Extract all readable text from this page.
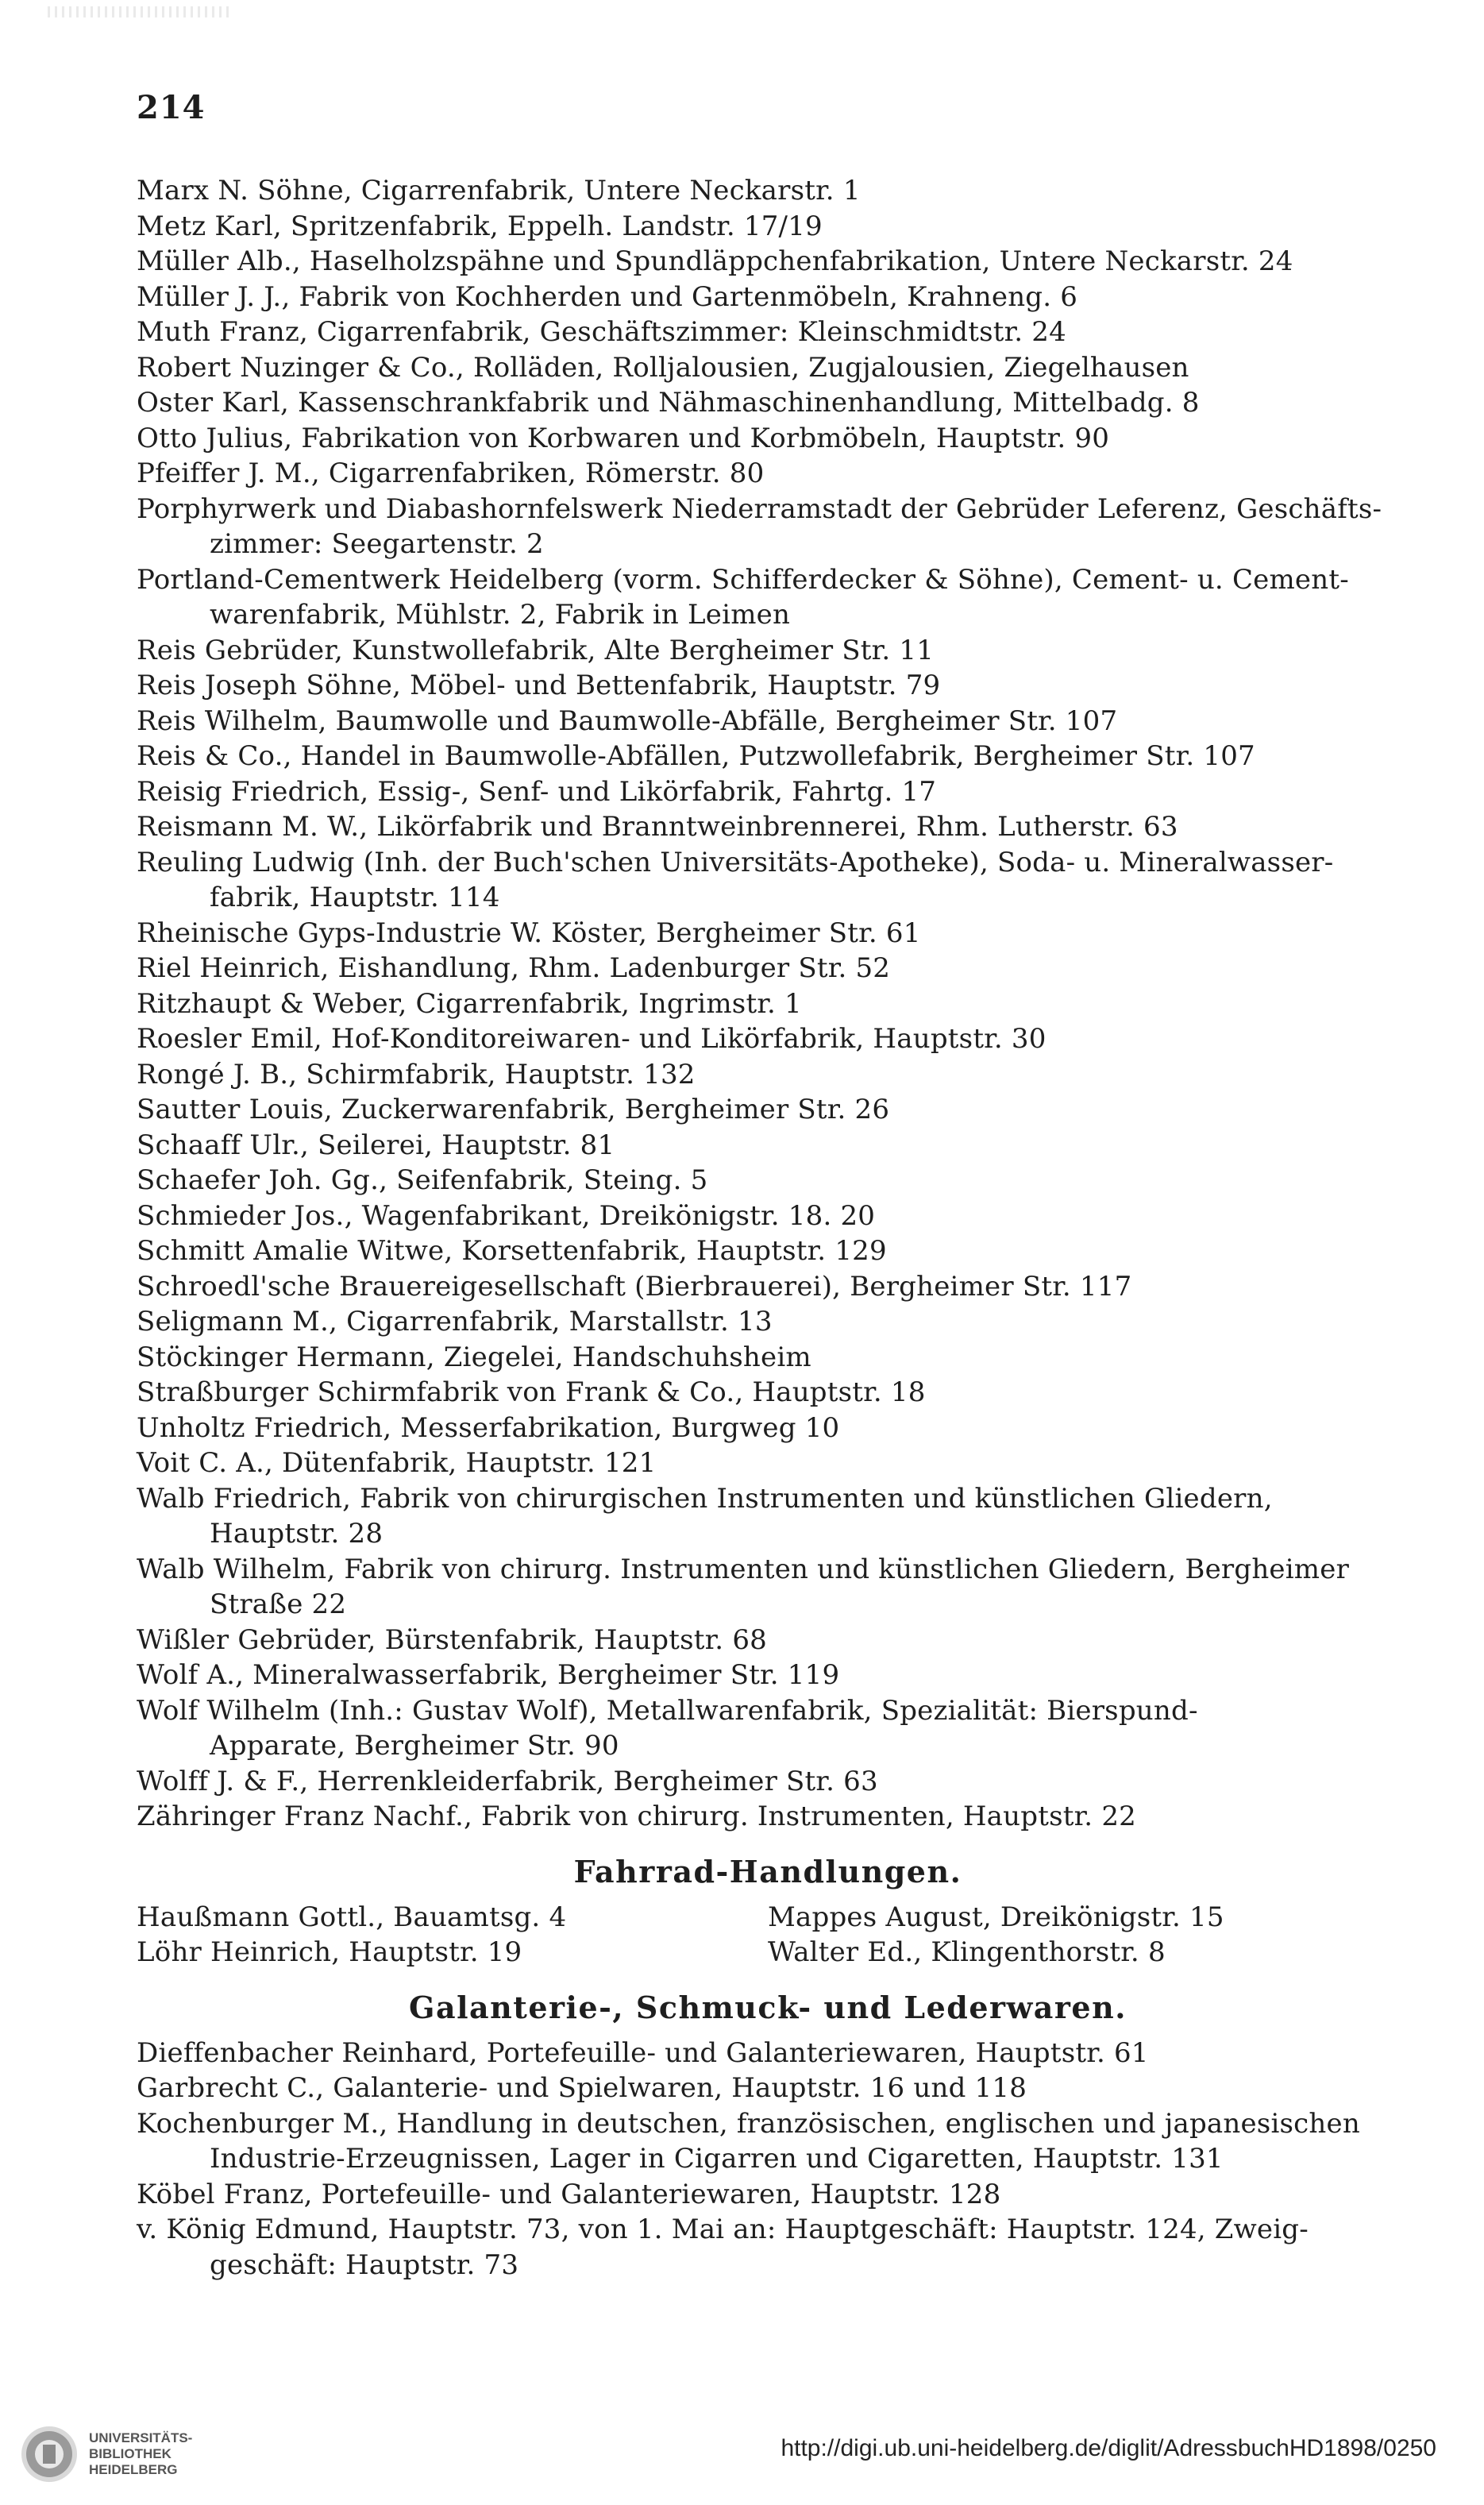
214

Marx N. Söhne, Cigarrenfabrik, Untere Neckarstr. 1

Metz Karl, Spritzenfabrik, Eppelh. Landstr. 17/19

Müller Alb., Haselholzspähne und Spundläppchenfabrikation, Untere Neckarstr. 24

Müller J. J., Fabrik von Kochherden und Gartenmöbeln, Krahneng. 6

Muth Franz, Cigarrenfabrik, Geschäftszimmer: Kleinschmidtstr. 24

Robert Nuzinger & Co., Rolläden, Rolljalousien, Zugjalousien, Ziegelhausen

Oster Karl, Kassenschrankfabrik und Nähmaschinenhandlung, Mittelbadg. 8

Otto Julius, Fabrikation von Korbwaren und Korbmöbeln, Hauptstr. 90

Pfeiffer J. M., Cigarrenfabriken, Römerstr. 80

Porphyrwerk und Diabashornfelswerk Niederramstadt der Gebrüder Leferenz, Geschäfts-
zimmer: Seegartenstr. 2

Portland-Cementwerk Heidelberg (vorm. Schifferdecker & Söhne), Cement- u. Cement-
warenfabrik, Mühlstr. 2, Fabrik in Leimen

Reis Gebrüder, Kunstwollefabrik, Alte Bergheimer Str. 11

Reis Joseph Söhne, Möbel- und Bettenfabrik, Hauptstr. 79

Reis Wilhelm, Baumwolle und Baumwolle-Abfälle, Bergheimer Str. 107

Reis & Co., Handel in Baumwolle-Abfällen, Putzwollefabrik, Bergheimer Str. 107

Reisig Friedrich, Essig-, Senf- und Likörfabrik, Fahrtg. 17

Reismann M. W., Likörfabrik und Branntweinbrennerei, Rhm. Lutherstr. 63

Reuling Ludwig (Inh. der Buch'schen Universitäts-Apotheke), Soda- u. Mineralwasser-
fabrik, Hauptstr. 114

Rheinische Gyps-Industrie W. Köster, Bergheimer Str. 61

Riel Heinrich, Eishandlung, Rhm. Ladenburger Str. 52

Ritzhaupt & Weber, Cigarrenfabrik, Ingrimstr. 1

Roesler Emil, Hof-Konditoreiwaren- und Likörfabrik, Hauptstr. 30

Rongé J. B., Schirmfabrik, Hauptstr. 132

Sautter Louis, Zuckerwarenfabrik, Bergheimer Str. 26

Schaaff Ulr., Seilerei, Hauptstr. 81

Schaefer Joh. Gg., Seifenfabrik, Steing. 5

Schmieder Jos., Wagenfabrikant, Dreikönigstr. 18. 20

Schmitt Amalie Witwe, Korsettenfabrik, Hauptstr. 129

Schroedl'sche Brauereigesellschaft (Bierbrauerei), Bergheimer Str. 117

Seligmann M., Cigarrenfabrik, Marstallstr. 13

Stöckinger Hermann, Ziegelei, Handschuhsheim

Straßburger Schirmfabrik von Frank & Co., Hauptstr. 18

Unholtz Friedrich, Messerfabrikation, Burgweg 10

Voit C. A., Dütenfabrik, Hauptstr. 121

Walb Friedrich, Fabrik von chirurgischen Instrumenten und künstlichen Gliedern,
Hauptstr. 28

Walb Wilhelm, Fabrik von chirurg. Instrumenten und künstlichen Gliedern, Bergheimer
Straße 22

Wißler Gebrüder, Bürstenfabrik, Hauptstr. 68

Wolf A., Mineralwasserfabrik, Bergheimer Str. 119

Wolf Wilhelm (Inh.: Gustav Wolf), Metallwarenfabrik, Spezialität: Bierspund-
Apparate, Bergheimer Str. 90

Wolff J. & F., Herrenkleiderfabrik, Bergheimer Str. 63

Zähringer Franz Nachf., Fabrik von chirurg. Instrumenten, Hauptstr. 22

Fahrrad-Handlungen.

Haußmann Gottl., Bauamtsg. 4

Löhr Heinrich, Hauptstr. 19

Mappes August, Dreikönigstr. 15

Walter Ed., Klingenthorstr. 8

Galanterie-, Schmuck- und Lederwaren.

Dieffenbacher Reinhard, Portefeuille- und Galanteriewaren, Hauptstr. 61

Garbrecht C., Galanterie- und Spielwaren, Hauptstr. 16 und 118

Kochenburger M., Handlung in deutschen, französischen, englischen und japanesischen
Industrie-Erzeugnissen, Lager in Cigarren und Cigaretten, Hauptstr. 131

Köbel Franz, Portefeuille- und Galanteriewaren, Hauptstr. 128

v. König Edmund, Hauptstr. 73, von 1. Mai an: Hauptgeschäft: Hauptstr. 124, Zweig-
geschäft: Hauptstr. 73

UNIVERSITÄTS-
BIBLIOTHEK
HEIDELBERG
http://digi.ub.uni-heidelberg.de/diglit/AdressbuchHD1898/0250
